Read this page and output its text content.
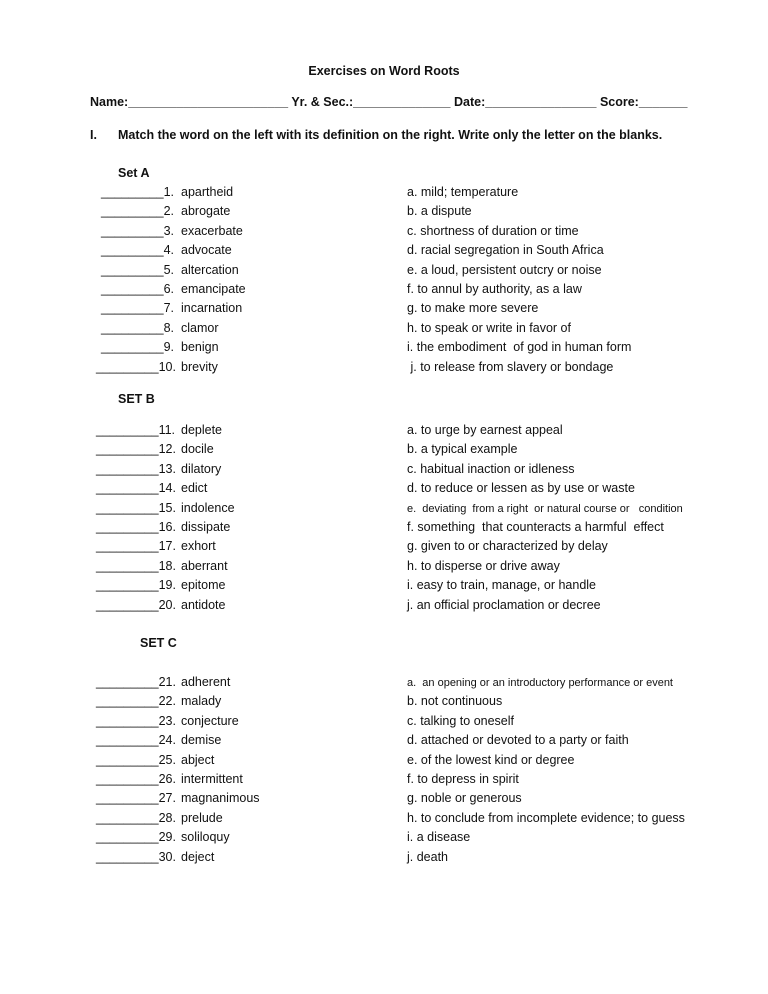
Exercises on Word Roots
Name:_______________________ Yr. & Sec.:______________ Date:________________ Score:_______
I. Match the word on the left with its definition on the right. Write only the letter on the blanks.
Set A
_________1. apartheid	a. mild; temperature
_________2. abrogate	b. a dispute
_________3. exacerbate	c. shortness of duration or time
_________4. advocate	d. racial segregation in South Africa
_________5. altercation	e. a loud, persistent outcry or noise
_________6. emancipate	f. to annul by authority, as a law
_________7. incarnation	g. to make more severe
_________8. clamor	h. to speak or write in favor of
_________9. benign	i. the embodiment  of god in human form
_________10. brevity	j. to release from slavery or bondage
SET B
_________11. deplete	a. to urge by earnest appeal
_________12. docile	b. a typical example
_________13. dilatory	c. habitual inaction or idleness
_________14. edict	d. to reduce or lessen as by use or waste
_________15. indolence	e.  deviating  from a right  or natural course or   condition
_________16. dissipate	f. something  that counteracts a harmful  effect
_________17. exhort	g. given to or characterized by delay
_________18. aberrant	h. to disperse or drive away
_________19. epitome	i. easy to train, manage, or handle
_________20. antidote	j. an official proclamation or decree
SET C
_________21. adherent	a.  an opening or an introductory performance or event
_________22. malady	b. not continuous
_________23. conjecture	c. talking to oneself
_________24. demise	d. attached or devoted to a party or faith
_________25. abject	e. of the lowest kind or degree
_________26. intermittent	f. to depress in spirit
_________27. magnanimous	g. noble or generous
_________28. prelude	h. to conclude from incomplete evidence; to guess
_________29. soliloquy	i. a disease
_________30. deject	j. death
